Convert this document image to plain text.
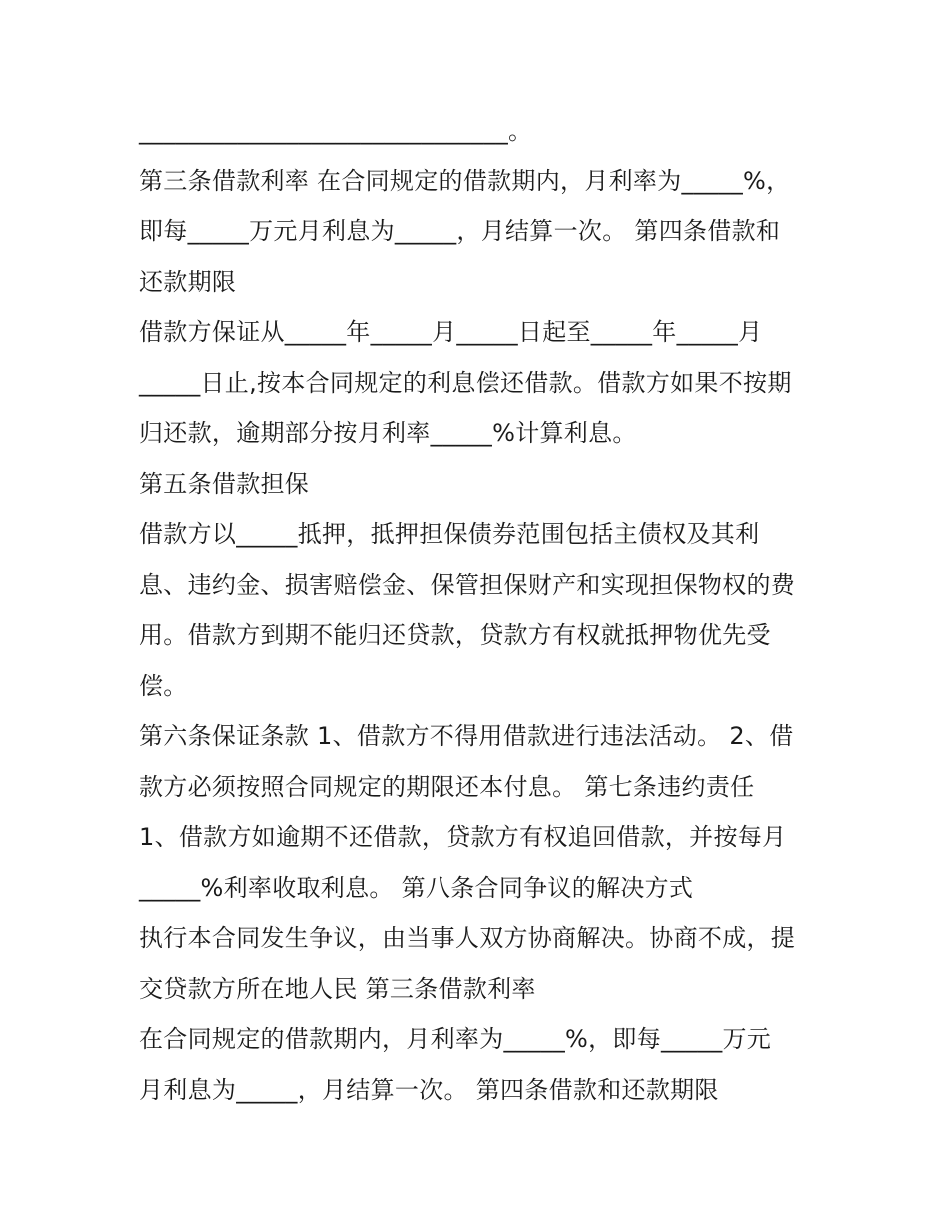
______________________________。

第三条借款利率 在合同规定的借款期内，月利率为_____%，

即每_____万元月利息为_____，月结算一次。 第四条借款和

还款期限

借款方保证从_____年_____月_____日起至_____年_____月

_____日止,按本合同规定的利息偿还借款。借款方如果不按期

归还款，逾期部分按月利率_____%计算利息。

第五条借款担保

借款方以_____抵押，抵押担保债券范围包括主债权及其利

息、违约金、损害赔偿金、保管担保财产和实现担保物权的费

用。借款方到期不能归还贷款，贷款方有权就抵押物优先受

偿。

第六条保证条款 1、借款方不得用借款进行违法活动。 2、借

款方必须按照合同规定的期限还本付息。 第七条违约责任

1、借款方如逾期不还借款，贷款方有权追回借款，并按每月

_____%利率收取利息。 第八条合同争议的解决方式

执行本合同发生争议，由当事人双方协商解决。协商不成，提

交贷款方所在地人民 第三条借款利率

在合同规定的借款期内，月利率为_____%，即每_____万元

月利息为_____，月结算一次。 第四条借款和还款期限
